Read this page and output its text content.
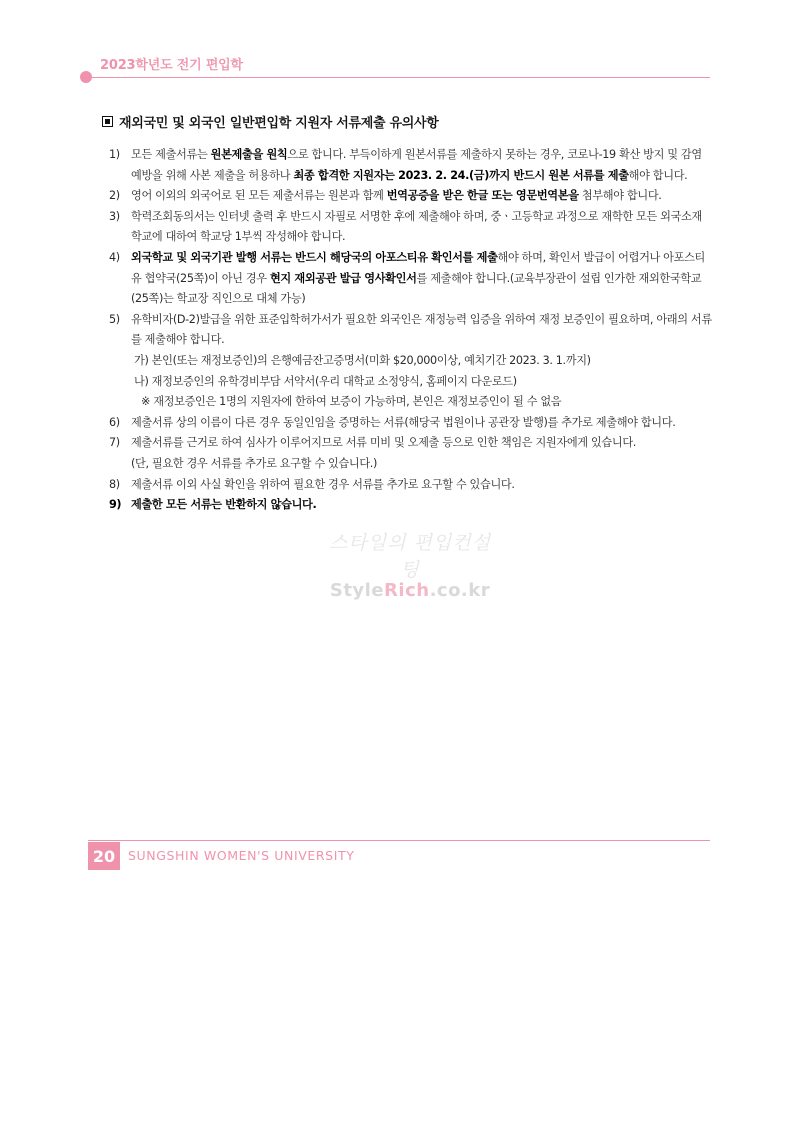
2023학년도 전기 편입학
재외국민 및 외국인 일반편입학 지원자 서류제출 유의사항
1)	모든 제출서류는 원본제출을 원칙으로 합니다. 부득이하게 원본서류를 제출하지 못하는 경우, 코로나-19 확산 방지 및 감염 예방을 위해 사본 제출을 허용하나 최종 합격한 지원자는 2023. 2. 24.(금)까지 반드시 원본 서류를 제출해야 합니다.

2)	영어 이외의 외국어로 된 모든 제출서류는 원본과 함께 번역공증을 받은 한글 또는 영문번역본을 첨부해야 합니다.

3)	학력조회동의서는 인터넷 출력 후 반드시 자필로 서명한 후에 제출해야 하며, 중ㆍ고등학교 과정으로 재학한 모든 외국소재 학교에 대하여 학교당 1부씩 작성해야 합니다.

4)	외국학교 및 외국기관 발행 서류는 반드시 해당국의 아포스티유 확인서를 제출해야 하며, 확인서 발급이 어렵거나 아포스티유 협약국(25쪽)이 아닌 경우 현지 재외공관 발급 영사확인서를 제출해야 합니다.(교육부장관이 설립 인가한 재외한국학교(25쪽)는 학교장 직인으로 대체 가능)

5)	유학비자(D-2)발급을 위한 표준입학허가서가 필요한 외국인은 재정능력 입증을 위하여 재정 보증인이 필요하며, 아래의 서류를 제출해야 합니다.
가) 본인(또는 재정보증인)의 은행예금잔고증명서(미화 $20,000이상, 예치기간 2023. 3. 1.까지)
나) 재정보증인의 유학경비부담 서약서(우리 대학교 소정양식, 홈페이지 다운로드)
※ 재정보증인은 1명의 지원자에 한하여 보증이 가능하며, 본인은 재정보증인이 될 수 없음
6)	제출서류 상의 이름이 다른 경우 동일인임을 증명하는 서류(해당국 법원이나 공관장 발행)를 추가로 제출해야 합니다.

7)	제출서류를 근거로 하여 심사가 이루어지므로 서류 미비 및 오제출 등으로 인한 책임은 지원자에게 있습니다.
(단, 필요한 경우 서류를 추가로 요구할 수 있습니다.)
8)	제출서류 이외 사실 확인을 위하여 필요한 경우 서류를 추가로 요구할 수 있습니다.

9) 제출한 모든 서류는 반환하지 않습니다.

스타일의 편입컨설팅
StyleRich.co.kr
20	SUNGSHIN WOMEN'S UNIVERSITY
